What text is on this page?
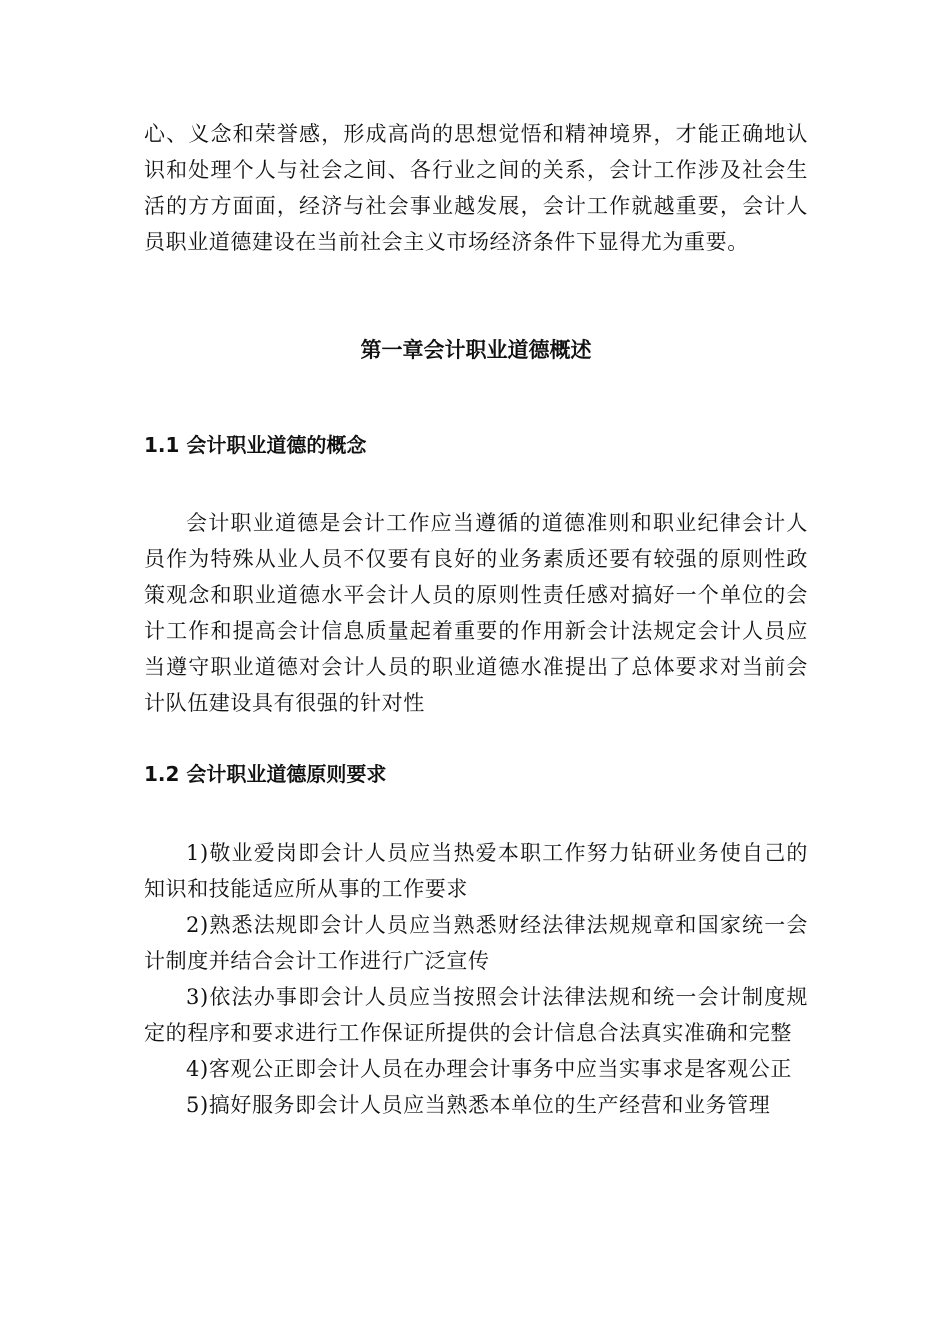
心、义念和荣誉感，形成高尚的思想觉悟和精神境界，才能正确地认识和处理个人与社会之间、各行业之间的关系，会计工作涉及社会生活的方方面面，经济与社会事业越发展，会计工作就越重要，会计人员职业道德建设在当前社会主义市场经济条件下显得尤为重要。

第一章会计职业道德概述
1.1 会计职业道德的概念

会计职业道德是会计工作应当遵循的道德准则和职业纪律会计人员作为特殊从业人员不仅要有良好的业务素质还要有较强的原则性政策观念和职业道德水平会计人员的原则性责任感对搞好一个单位的会计工作和提高会计信息质量起着重要的作用新会计法规定会计人员应当遵守职业道德对会计人员的职业道德水准提出了总体要求对当前会计队伍建设具有很强的针对性

1.2 会计职业道德原则要求

1)敬业爱岗即会计人员应当热爱本职工作努力钻研业务使自己的知识和技能适应所从事的工作要求

2)熟悉法规即会计人员应当熟悉财经法律法规规章和国家统一会计制度并结合会计工作进行广泛宣传

3)依法办事即会计人员应当按照会计法律法规和统一会计制度规定的程序和要求进行工作保证所提供的会计信息合法真实准确和完整

4)客观公正即会计人员在办理会计事务中应当实事求是客观公正

5)搞好服务即会计人员应当熟悉本单位的生产经营和业务管理
